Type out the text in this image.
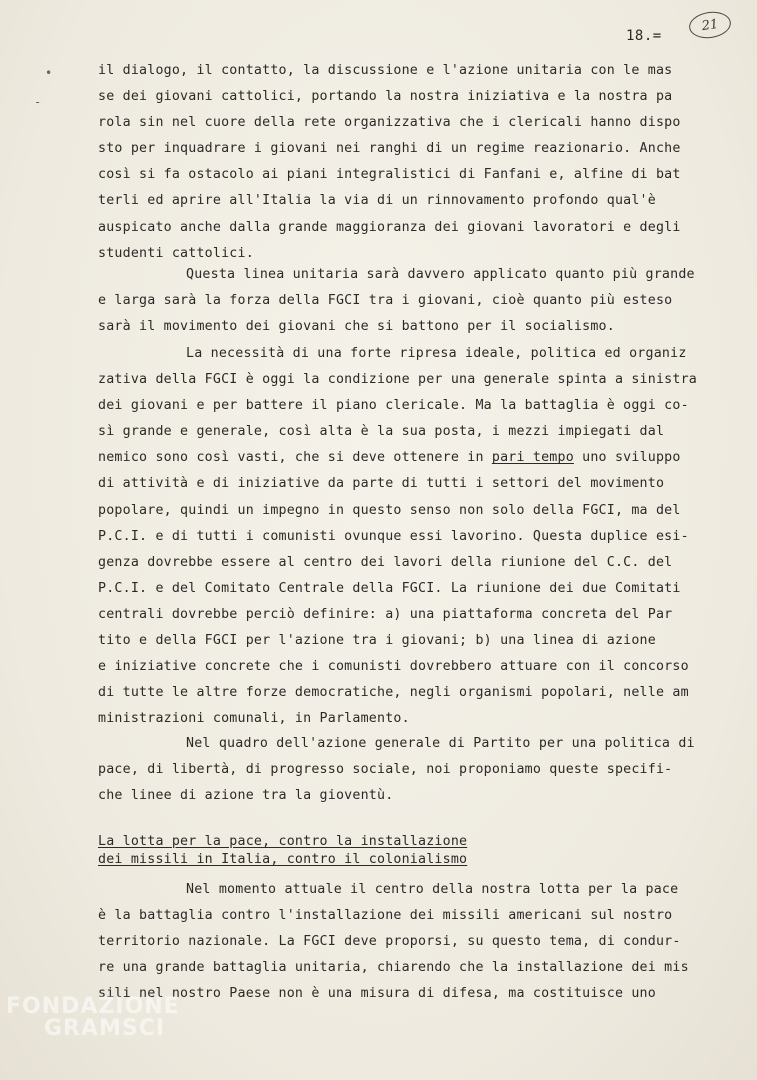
18.=
21
•
-
il dialogo, il contatto, la discussione e l'azione unitaria con le mas
se dei giovani cattolici, portando la nostra iniziativa e la nostra pa
rola sin nel cuore della rete organizzativa che i clericali hanno dispo
sto per inquadrare i giovani nei ranghi di un regime reazionario. Anche
così si fa ostacolo ai piani integralistici di Fanfani e, alfine di bat
terli ed aprire all'Italia la via di un rinnovamento profondo qual'è
auspicato anche dalla grande maggioranza dei giovani lavoratori e degli
studenti cattolici.
Questa linea unitaria sarà davvero applicato quanto più grande
e larga sarà la forza della FGCI tra i giovani, cioè quanto più esteso
sarà il movimento dei giovani che si battono per il socialismo.
La necessità di una forte ripresa ideale, politica ed organiz
zativa della FGCI è oggi la condizione per una generale spinta a sinistra
dei giovani e per battere il piano clericale. Ma la battaglia è oggi co-
sì grande e generale, così alta è la sua posta, i mezzi impiegati dal
nemico sono così vasti, che si deve ottenere in pari tempo uno sviluppo
di attività e di iniziative da parte di tutti i settori del movimento
popolare, quindi un impegno in questo senso non solo della FGCI, ma del
P.C.I. e di tutti i comunisti ovunque essi lavorino. Questa duplice esi-
genza dovrebbe essere al centro dei lavori della riunione del C.C. del
P.C.I. e del Comitato Centrale della FGCI. La riunione dei due Comitati
centrali dovrebbe perciò definire: a) una piattaforma concreta del Par
tito e della FGCI per l'azione tra i giovani; b) una linea di azione
e iniziative concrete che i comunisti dovrebbero attuare con il concorso
di tutte le altre forze democratiche, negli organismi popolari, nelle am
ministrazioni comunali, in Parlamento.
Nel quadro dell'azione generale di Partito per una politica di
pace, di libertà, di progresso sociale, noi proponiamo queste specifi-
che linee di azione tra la gioventù.
La lotta per la pace, contro la installazione
dei missili in Italia, contro il colonialismo
Nel momento attuale il centro della nostra lotta per la pace
è la battaglia contro l'installazione dei missili americani sul nostro
territorio nazionale. La FGCI deve proporsi, su questo tema, di condur-
re una grande battaglia unitaria, chiarendo che la installazione dei mis
sili nel nostro Paese non è una misura di difesa, ma costituisce uno
FONDAZIONE
GRAMSCI
